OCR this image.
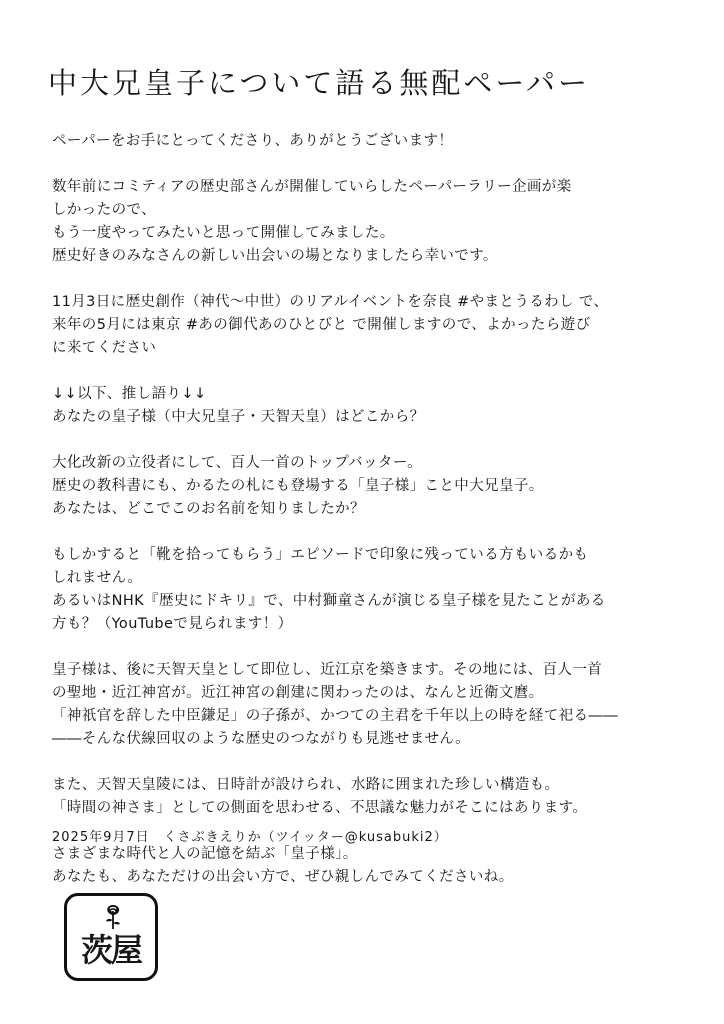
中大兄皇子について語る無配ペーパー

ペーパーをお手にとってくださり、ありがとうございます！

数年前にコミティアの歴史部さんが開催していらしたペーパーラリー企画が楽
しかったので、
もう一度やってみたいと思って開催してみました。
歴史好きのみなさんの新しい出会いの場となりましたら幸いです。

11月3日に歴史創作（神代〜中世）のリアルイベントを奈良 #やまとうるわし で、
来年の5月には東京 #あの御代あのひとびと で開催しますので、よかったら遊び
に来てください

↓↓以下、推し語り↓↓
あなたの皇子様（中大兄皇子・天智天皇）はどこから？

大化改新の立役者にして、百人一首のトップバッター。
歴史の教科書にも、かるたの札にも登場する「皇子様」こと中大兄皇子。
あなたは、どこでこのお名前を知りましたか？

もしかすると「靴を拾ってもらう」エピソードで印象に残っている方もいるかも
しれません。
あるいはNHK『歴史にドキリ』で、中村獅童さんが演じる皇子様を見たことがある
方も？（YouTubeで見られます！）

皇子様は、後に天智天皇として即位し、近江京を築きます。その地には、百人一首
の聖地・近江神宮が。近江神宮の創建に関わったのは、なんと近衛文麿。
「神祇官を辞した中臣鎌足」の子孫が、かつての主君を千年以上の時を経て祀る――
――そんな伏線回収のような歴史のつながりも見逃せません。

また、天智天皇陵には、日時計が設けられ、水路に囲まれた珍しい構造も。
「時間の神さま」としての側面を思わせる、不思議な魅力がそこにはあります。

さまざまな時代と人の記憶を結ぶ「皇子様」。
あなたも、あなただけの出会い方で、ぜひ親しんでみてくださいね。

2025年9月7日　くさぶきえりか（ツイッター@kusabuki2）
茨屋
